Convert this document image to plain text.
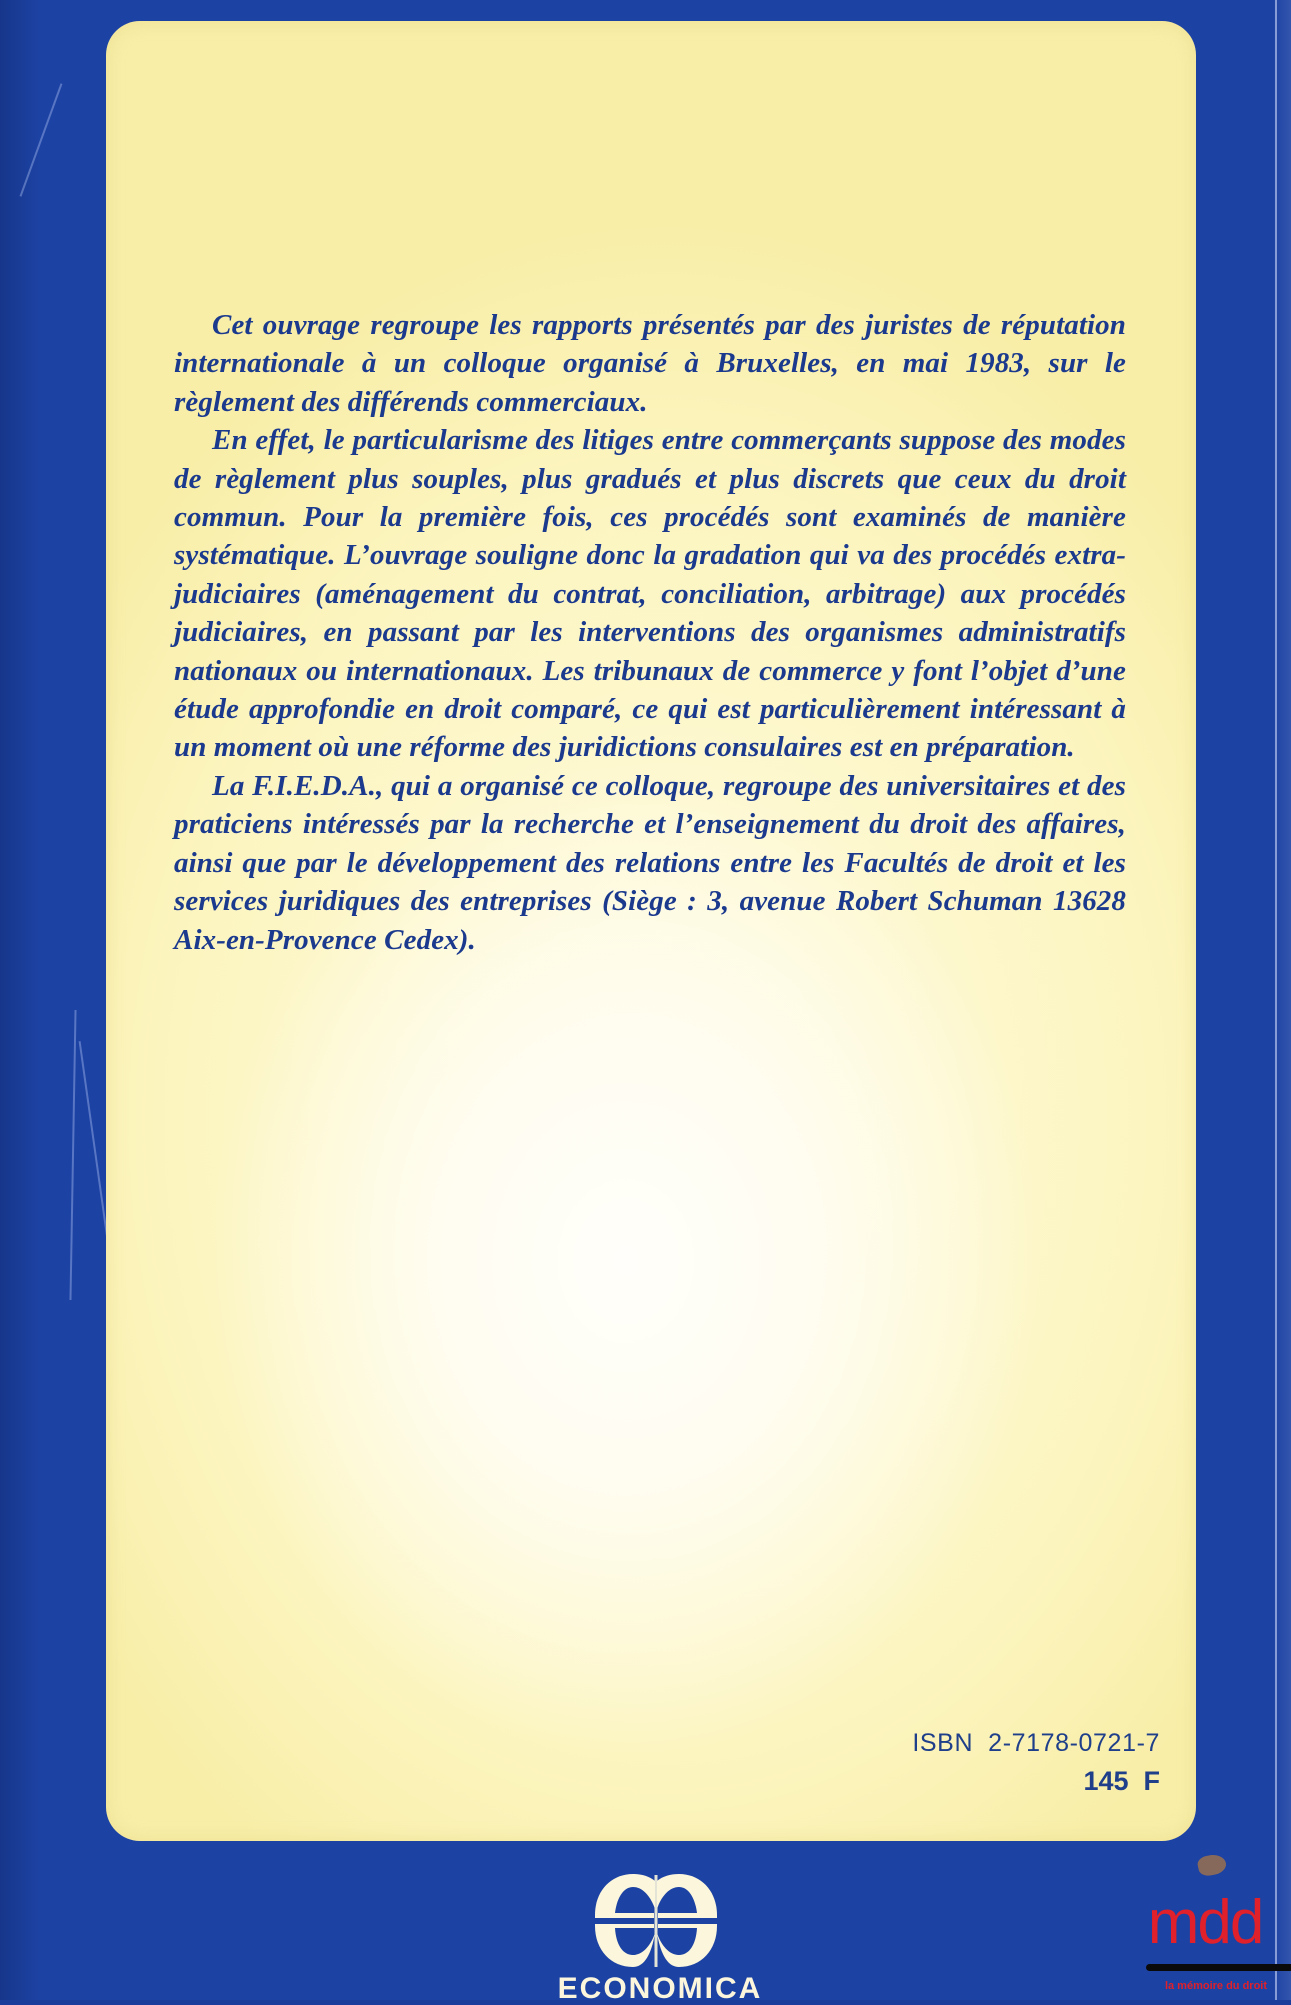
Cet ouvrage regroupe les rapports présentés par des juristes de réputation internationale à un colloque organisé à Bruxelles, en mai 1983, sur le règlement des différends commerciaux.

En effet, le particularisme des litiges entre commerçants suppose des modes de règlement plus souples, plus gradués et plus discrets que ceux du droit commun. Pour la première fois, ces procédés sont examinés de manière systématique. L’ouvrage souligne donc la gradation qui va des procédés extra-judiciaires (aménagement du contrat, conciliation, arbitrage) aux procédés judiciaires, en passant par les interventions des organismes administratifs nationaux ou internationaux. Les tribunaux de commerce y font l’objet d’une étude approfondie en droit comparé, ce qui est particulièrement intéressant à un moment où une réforme des juridictions consulaires est en préparation.

La F.I.E.D.A., qui a organisé ce colloque, regroupe des universitaires et des praticiens intéressés par la recherche et l’enseignement du droit des affaires, ainsi que par le développement des relations entre les Facultés de droit et les services juridiques des entreprises (Siège : 3, avenue Robert Schuman 13628 Aix-en-Provence Cedex).

ISBN  2-7178-0721-7
145  F
ECONOMICA
mdd
la mémoire du droit
